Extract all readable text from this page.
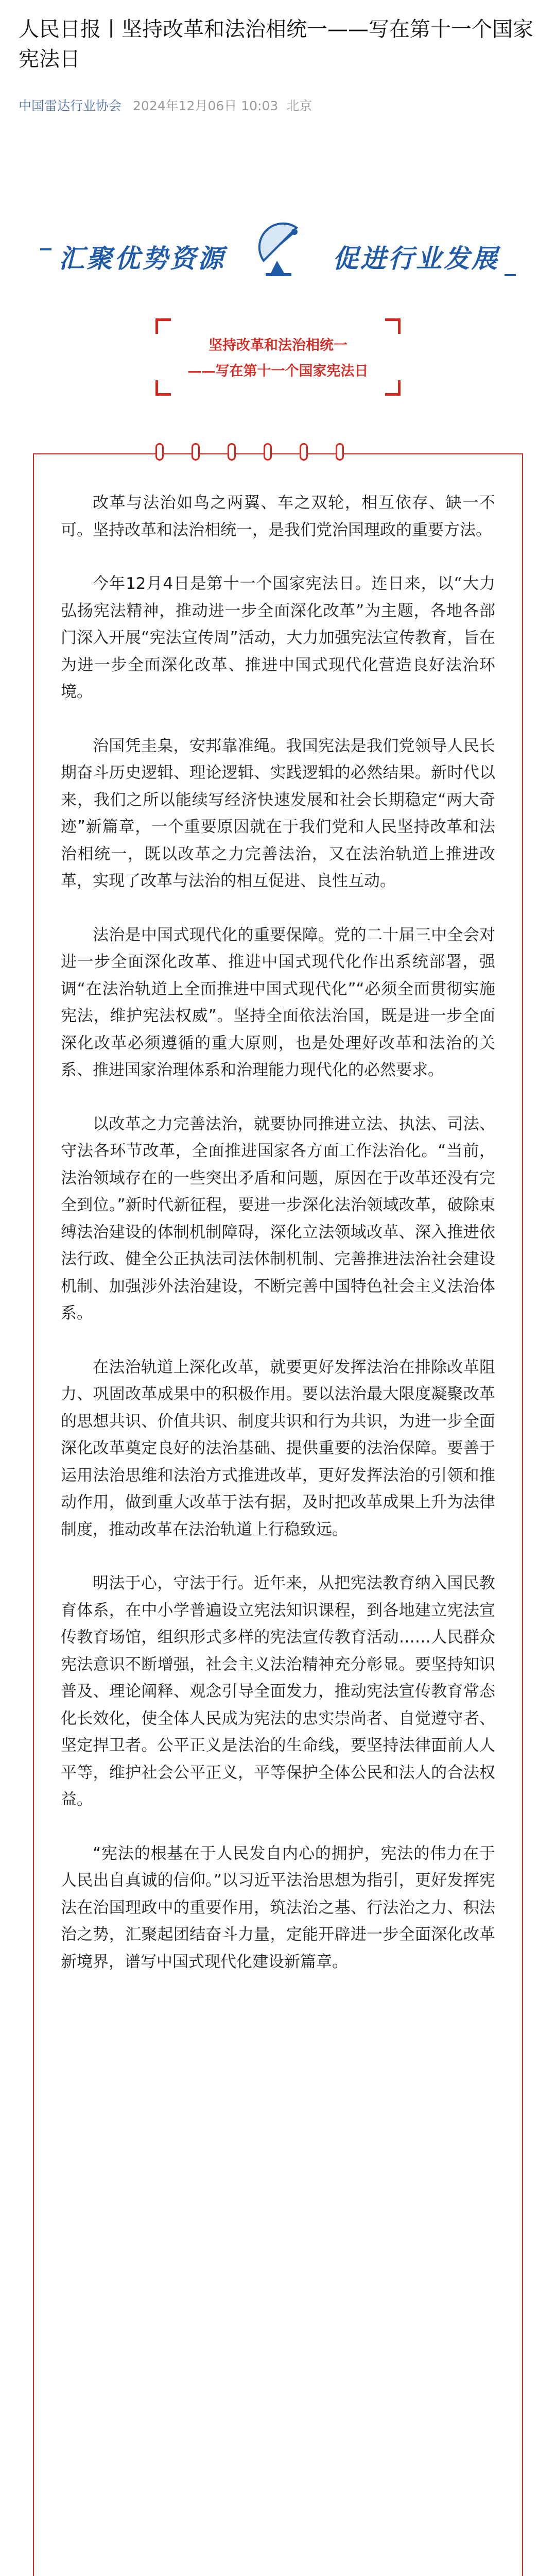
人民日报丨坚持改革和法治相统一——写在第十一个国家宪法日
中国雷达行业协会 2024年12月06日 10:03 北京
汇聚优势资源	促进行业发展
坚持改革和法治相统一
——写在第十一个国家宪法日

改革与法治如鸟之两翼、车之双轮，相互依存、缺一不可。坚持改革和法治相统一，是我们党治国理政的重要方法。

今年12月4日是第十一个国家宪法日。连日来，以“大力弘扬宪法精神，推动进一步全面深化改革”为主题，各地各部门深入开展“宪法宣传周”活动，大力加强宪法宣传教育，旨在为进一步全面深化改革、推进中国式现代化营造良好法治环境。

治国凭圭臬，安邦靠准绳。我国宪法是我们党领导人民长期奋斗历史逻辑、理论逻辑、实践逻辑的必然结果。新时代以来，我们之所以能续写经济快速发展和社会长期稳定“两大奇迹”新篇章，一个重要原因就在于我们党和人民坚持改革和法治相统一，既以改革之力完善法治，又在法治轨道上推进改革，实现了改革与法治的相互促进、良性互动。

法治是中国式现代化的重要保障。党的二十届三中全会对进一步全面深化改革、推进中国式现代化作出系统部署，强调“在法治轨道上全面推进中国式现代化”“必须全面贯彻实施宪法，维护宪法权威”。坚持全面依法治国，既是进一步全面深化改革必须遵循的重大原则，也是处理好改革和法治的关系、推进国家治理体系和治理能力现代化的必然要求。

以改革之力完善法治，就要协同推进立法、执法、司法、守法各环节改革，全面推进国家各方面工作法治化。“当前，法治领域存在的一些突出矛盾和问题，原因在于改革还没有完全到位。”新时代新征程，要进一步深化法治领域改革，破除束缚法治建设的体制机制障碍，深化立法领域改革、深入推进依法行政、健全公正执法司法体制机制、完善推进法治社会建设机制、加强涉外法治建设，不断完善中国特色社会主义法治体系。

在法治轨道上深化改革，就要更好发挥法治在排除改革阻力、巩固改革成果中的积极作用。要以法治最大限度凝聚改革的思想共识、价值共识、制度共识和行为共识，为进一步全面深化改革奠定良好的法治基础、提供重要的法治保障。要善于运用法治思维和法治方式推进改革，更好发挥法治的引领和推动作用，做到重大改革于法有据，及时把改革成果上升为法律制度，推动改革在法治轨道上行稳致远。

明法于心，守法于行。近年来，从把宪法教育纳入国民教育体系，在中小学普遍设立宪法知识课程，到各地建立宪法宣传教育场馆，组织形式多样的宪法宣传教育活动……人民群众宪法意识不断增强，社会主义法治精神充分彰显。要坚持知识普及、理论阐释、观念引导全面发力，推动宪法宣传教育常态化长效化，使全体人民成为宪法的忠实崇尚者、自觉遵守者、坚定捍卫者。公平正义是法治的生命线，要坚持法律面前人人平等，维护社会公平正义，平等保护全体公民和法人的合法权益。

“宪法的根基在于人民发自内心的拥护，宪法的伟力在于人民出自真诚的信仰。”以习近平法治思想为指引，更好发挥宪法在治国理政中的重要作用，筑法治之基、行法治之力、积法治之势，汇聚起团结奋斗力量，定能开辟进一步全面深化改革新境界，谱写中国式现代化建设新篇章。
